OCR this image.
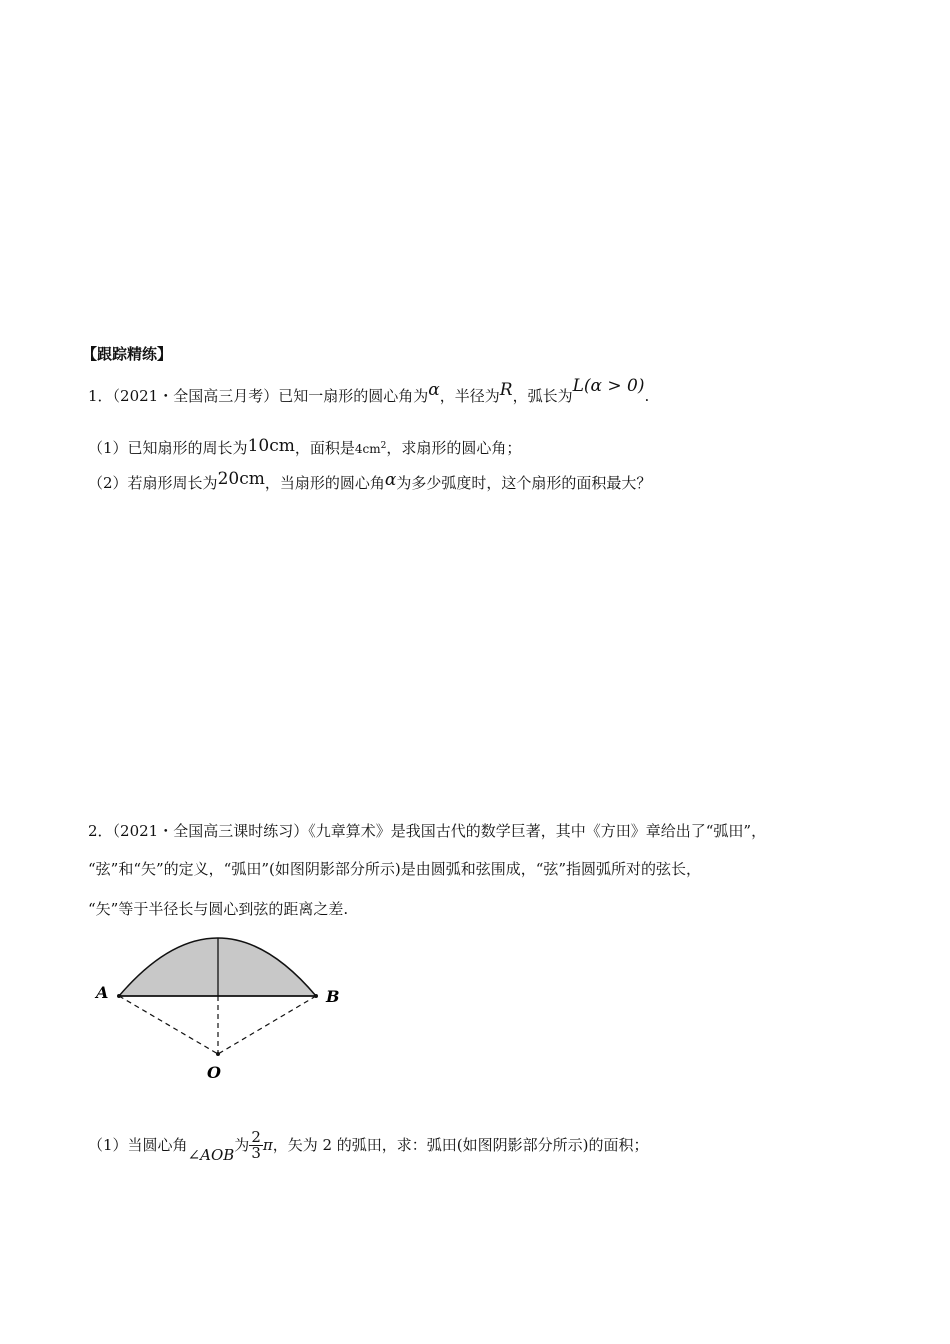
【跟踪精练】
1．（2021・全国高三月考）已知一扇形的圆心角为α，半径为R，弧长为L(α > 0).
（1）已知扇形的周长为10cm，面积是$4cm^2$，求扇形的圆心角；
（2）若扇形周长为20cm，当扇形的圆心角α为多少弧度时，这个扇形的面积最大？
2．（2021・全国高三课时练习）《九章算术》是我国古代的数学巨著，其中《方田》章给出了“弧田”，
“弦”和“矢”的定义，“弧田”(如图阴影部分所示)是由圆弧和弦围成，“弦”指圆弧所对的弦长，
“矢”等于半径长与圆心到弦的距离之差.
A	B
O
（1） 当圆心角
∠AOB
为 $\frac{2}{3}$ π ，矢为 2 的弧田，求：弧田(如图阴影部分所示)的面积；
